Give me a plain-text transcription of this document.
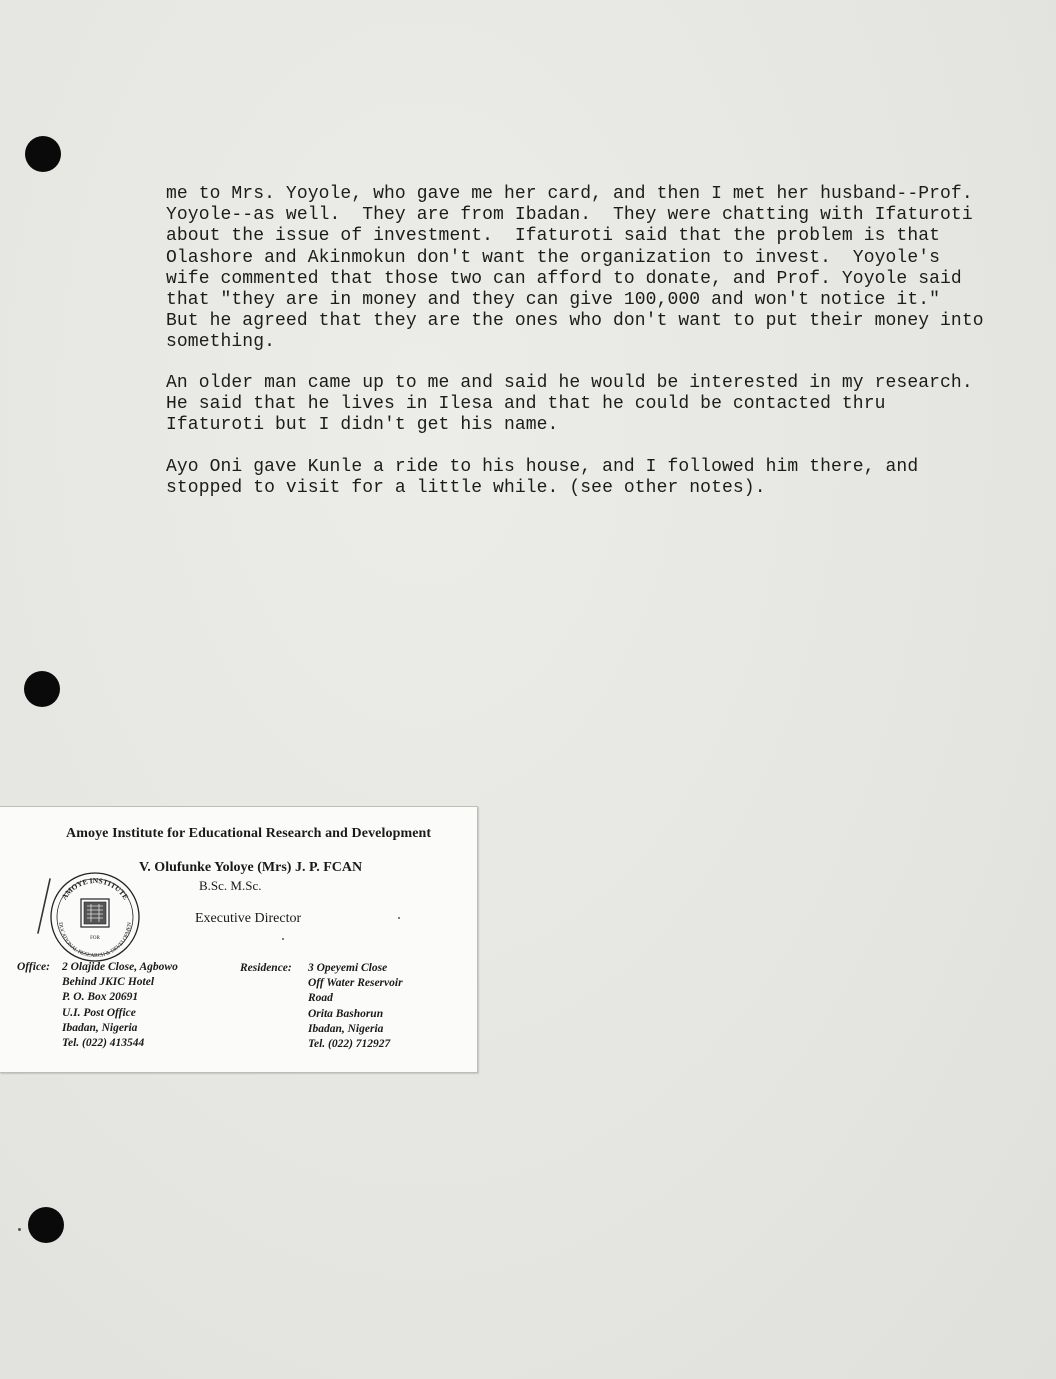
me to Mrs. Yoyole, who gave me her card, and then I met her husband--Prof.
Yoyole--as well.  They are from Ibadan.  They were chatting with Ifaturoti
about the issue of investment.  Ifaturoti said that the problem is that
Olashore and Akinmokun don't want the organization to invest.  Yoyole's
wife commented that those two can afford to donate, and Prof. Yoyole said
that "they are in money and they can give 100,000 and won't notice it."
But he agreed that they are the ones who don't want to put their money into
something.

An older man came up to me and said he would be interested in my research.
He said that he lives in Ilesa and that he could be contacted thru
Ifaturoti but I didn't get his name.

Ayo Oni gave Kunle a ride to his house, and I followed him there, and
stopped to visit for a little while. (see other notes).

Amoye Institute for Educational Research and Development

V. Olufunke Yoloye (Mrs) J. P. FCAN

B.Sc. M.Sc.

Executive Director

AMOYE INSTITUTE
DUCATIONAL RESEARCH & DEVELOPMEN
FOR

Office: 2 Olajide Close, Agbowo
Behind JKIC Hotel
P. O. Box 20691
U.I. Post Office
Ibadan, Nigeria
Tel. (022) 413544

Residence: 3 Opeyemi Close
Off Water Reservoir
Road
Orita Bashorun
Ibadan, Nigeria
Tel. (022) 712927
